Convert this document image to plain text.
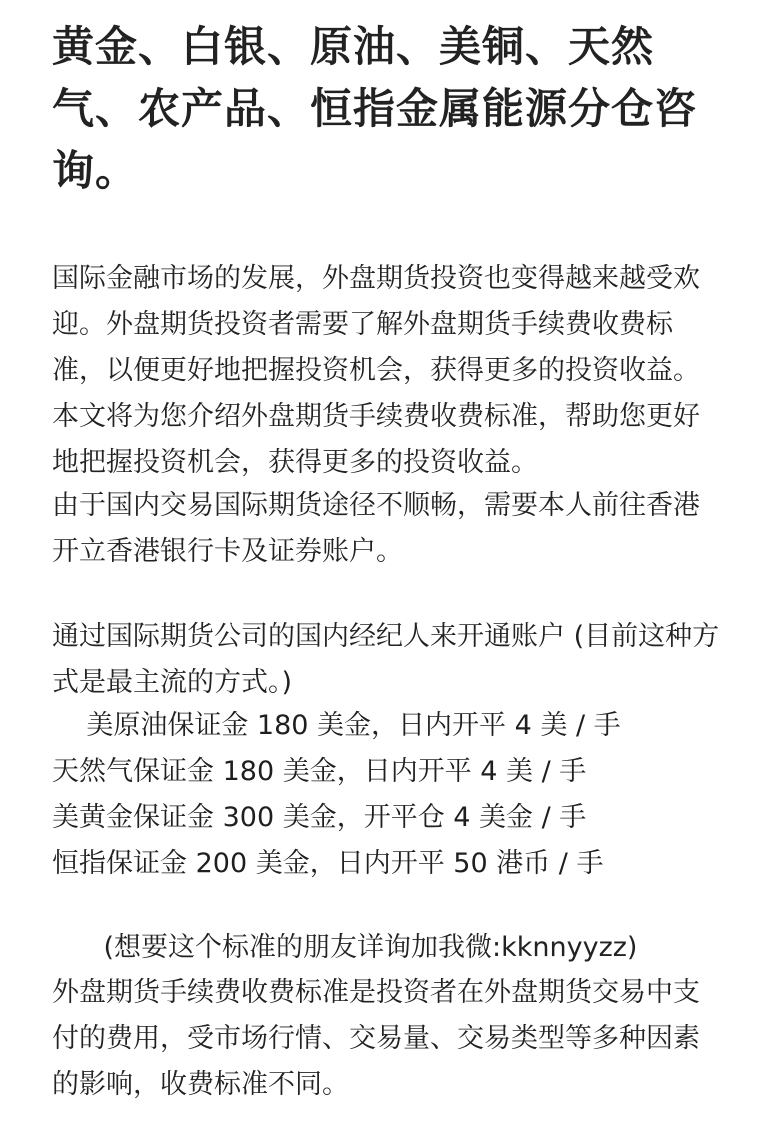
黄金、白银、原油、美铜、天然气、农产品、恒指金属能源分仓咨询。

国际金融市场的发展，外盘期货投资也变得越来越受欢迎。外盘期货投资者需要了解外盘期货手续费收费标准，以便更好地把握投资机会，获得更多的投资收益。本文将为您介绍外盘期货手续费收费标准，帮助您更好地把握投资机会，获得更多的投资收益。

由于国内交易国际期货途径不顺畅，需要本人前往香港开立香港银行卡及证券账户。

通过国际期货公司的国内经纪人来开通账户 (目前这种方式是最主流的方式。)

美原油保证金 180 美金，日内开平 4 美 / 手
天然气保证金 180 美金，日内开平 4 美 / 手
美黄金保证金 300 美金，开平仓 4 美金 / 手
恒指保证金 200 美金，日内开平 50 港币 / 手

(想要这个标准的朋友详询加我微:kknnyyzz)

外盘期货手续费收费标准是投资者在外盘期货交易中支付的费用，受市场行情、交易量、交易类型等多种因素的影响，收费标准不同。
